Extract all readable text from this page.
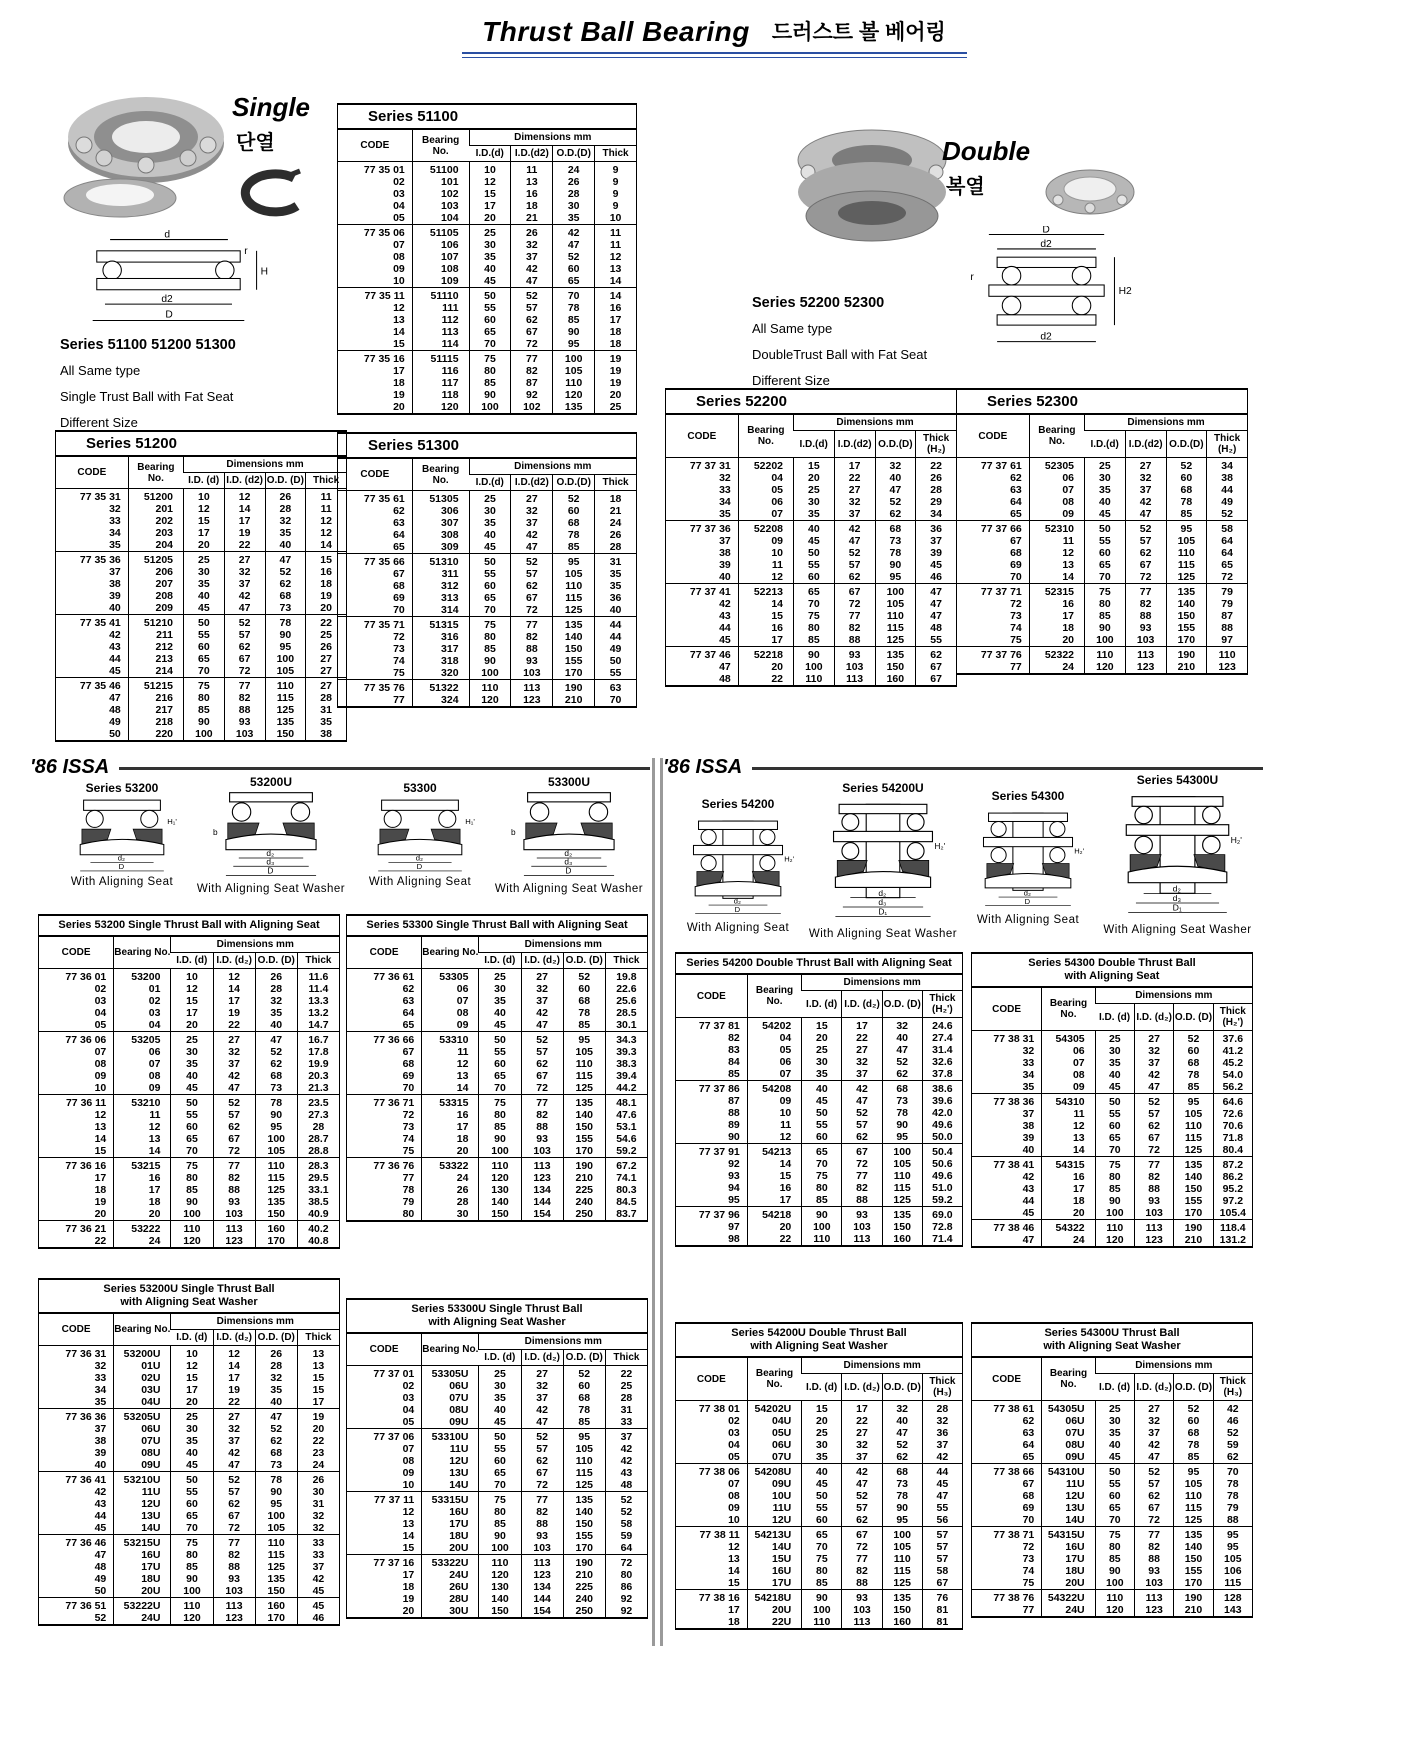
Thrust Ball Bearing 드러스트 볼 베어링
Single
단열
d
r
H
d2
D
Series 51100 51200 51300
All Same type
Single Trust Ball with Fat Seat
Different Size
Series 51100
CODE	Bearing No.	Dimensions mm			
		I.D.(d)	I.D.(d2)	O.D.(D)	Thick
77 35 01	51100	10	11	24	9
02	101	12	13	26	9
03	102	15	16	28	9
04	103	17	18	30	9
05	104	20	21	35	10
77 35 06	51105	25	26	42	11
07	106	30	32	47	11
08	107	35	37	52	12
09	108	40	42	60	13
10	109	45	47	65	14
77 35 11	51110	50	52	70	14
12	111	55	57	78	16
13	112	60	62	85	17
14	113	65	67	90	18
15	114	70	72	95	18
77 35 16	51115	75	77	100	19
17	116	80	82	105	19
18	117	85	87	110	19
19	118	90	92	120	20
20	120	100	102	135	25
Series 51200
CODE	Bearing No.	Dimensions mm			
		I.D. (d)	I.D. (d2)	O.D. (D)	Thick
77 35 31	51200	10	12	26	11
32	201	12	14	28	11
33	202	15	17	32	12
34	203	17	19	35	12
35	204	20	22	40	14
77 35 36	51205	25	27	47	15
37	206	30	32	52	16
38	207	35	37	62	18
39	208	40	42	68	19
40	209	45	47	73	20
77 35 41	51210	50	52	78	22
42	211	55	57	90	25
43	212	60	62	95	26
44	213	65	67	100	27
45	214	70	72	105	27
77 35 46	51215	75	77	110	27
47	216	80	82	115	28
48	217	85	88	125	31
49	218	90	93	135	35
50	220	100	103	150	38
Series 51300
CODE	Bearing No.	Dimensions mm			
		I.D.(d)	I.D.(d2)	O.D.(D)	Thick
77 35 61	51305	25	27	52	18
62	306	30	32	60	21
63	307	35	37	68	24
64	308	40	42	78	26
65	309	45	47	85	28
77 35 66	51310	50	52	95	31
67	311	55	57	105	35
68	312	60	62	110	35
69	313	65	67	115	36
70	314	70	72	125	40
77 35 71	51315	75	77	135	44
72	316	80	82	140	44
73	317	85	88	150	49
74	318	90	93	155	50
75	320	100	103	170	55
77 35 76	51322	110	113	190	63
77	324	120	123	210	70
Double
복열
D
d2
r
H2
d2
Series 52200 52300
All Same type
DoubleTrust Ball with Fat Seat
Different Size
Series 52200
CODE	Bearing No.	Dimensions mm			
		I.D.(d)	I.D.(d2)	O.D.(D)	Thick (H₂)
77 37 31	52202	15	17	32	22
32	04	20	22	40	26
33	05	25	27	47	28
34	06	30	32	52	29
35	07	35	37	62	34
77 37 36	52208	40	42	68	36
37	09	45	47	73	37
38	10	50	52	78	39
39	11	55	57	90	45
40	12	60	62	95	46
77 37 41	52213	65	67	100	47
42	14	70	72	105	47
43	15	75	77	110	47
44	16	80	82	115	48
45	17	85	88	125	55
77 37 46	52218	90	93	135	62
47	20	100	103	150	67
48	22	110	113	160	67
Series 52300
CODE	Bearing No.	Dimensions mm			
		I.D.(d)	I.D.(d2)	O.D.(D)	Thick (H₂)
77 37 61	52305	25	27	52	34
62	06	30	32	60	38
63	07	35	37	68	44
64	08	40	42	78	49
65	09	45	47	85	52
77 37 66	52310	50	52	95	58
67	11	55	57	105	64
68	12	60	62	110	64
69	13	65	67	115	65
70	14	70	72	125	72
77 37 71	52315	75	77	135	79
72	16	80	82	140	79
73	17	85	88	150	87
74	18	90	93	155	88
75	20	100	103	170	97
77 37 76	52322	110	113	190	110
77	24	120	123	210	123
'86 ISSA
Series 53200
H₁'
d₂
D
With Aligning Seat
53200U
b
d₂
d₃
D
With Aligning Seat Washer
53300
H₁'
d₂
D
With Aligning Seat
53300U
b
d₂
d₃
D
With Aligning Seat Washer
Series 53200 Single Thrust Ball with Aligning Seat
CODE	Bearing No.	Dimensions mm			
		I.D. (d)	I.D. (d₂)	O.D. (D)	Thick
77 36 01	53200	10	12	26	11.6
02	01	12	14	28	11.4
03	02	15	17	32	13.3
04	03	17	19	35	13.2
05	04	20	22	40	14.7
77 36 06	53205	25	27	47	16.7
07	06	30	32	52	17.8
08	07	35	37	62	19.9
09	08	40	42	68	20.3
10	09	45	47	73	21.3
77 36 11	53210	50	52	78	23.5
12	11	55	57	90	27.3
13	12	60	62	95	28
14	13	65	67	100	28.7
15	14	70	72	105	28.8
77 36 16	53215	75	77	110	28.3
17	16	80	82	115	29.5
18	17	85	88	125	33.1
19	18	90	93	135	38.5
20	20	100	103	150	40.9
77 36 21	53222	110	113	160	40.2
22	24	120	123	170	40.8
Series 53300 Single Thrust Ball with Aligning Seat
CODE	Bearing No.	Dimensions mm			
		I.D. (d)	I.D. (d₂)	O.D. (D)	Thick
77 36 61	53305	25	27	52	19.8
62	06	30	32	60	22.6
63	07	35	37	68	25.6
64	08	40	42	78	28.5
65	09	45	47	85	30.1
77 36 66	53310	50	52	95	34.3
67	11	55	57	105	39.3
68	12	60	62	110	38.3
69	13	65	67	115	39.4
70	14	70	72	125	44.2
77 36 71	53315	75	77	135	48.1
72	16	80	82	140	47.6
73	17	85	88	150	53.1
74	18	90	93	155	54.6
75	20	100	103	170	59.2
77 36 76	53322	110	113	190	67.2
77	24	120	123	210	74.1
78	26	130	134	225	80.3
79	28	140	144	240	84.5
80	30	150	154	250	83.7
Series 53200U Single Thrust Ball
with Aligning Seat Washer
CODE	Bearing No.	Dimensions mm			
		I.D. (d)	I.D. (d₂)	O.D. (D)	Thick
77 36 31	53200U	10	12	26	13
32	01U	12	14	28	13
33	02U	15	17	32	15
34	03U	17	19	35	15
35	04U	20	22	40	17
77 36 36	53205U	25	27	47	19
37	06U	30	32	52	20
38	07U	35	37	62	22
39	08U	40	42	68	23
40	09U	45	47	73	24
77 36 41	53210U	50	52	78	26
42	11U	55	57	90	30
43	12U	60	62	95	31
44	13U	65	67	100	32
45	14U	70	72	105	32
77 36 46	53215U	75	77	110	33
47	16U	80	82	115	33
48	17U	85	88	125	37
49	18U	90	93	135	42
50	20U	100	103	150	45
77 36 51	53222U	110	113	160	45
52	24U	120	123	170	46
Series 53300U Single Thrust Ball
with Aligning Seat Washer
CODE	Bearing No.	Dimensions mm			
		I.D. (d)	I.D. (d₂)	O.D. (D)	Thick
77 37 01	53305U	25	27	52	22
02	06U	30	32	60	25
03	07U	35	37	68	28
04	08U	40	42	78	31
05	09U	45	47	85	33
77 37 06	53310U	50	52	95	37
07	11U	55	57	105	42
08	12U	60	62	110	42
09	13U	65	67	115	43
10	14U	70	72	125	48
77 37 11	53315U	75	77	135	52
12	16U	80	82	140	52
13	17U	85	88	150	58
14	18U	90	93	155	59
15	20U	100	103	170	64
77 37 16	53322U	110	113	190	72
17	24U	120	123	210	80
18	26U	130	134	225	86
19	28U	140	144	240	92
20	30U	150	154	250	92
'86 ISSA
Series 54200
H₂'
d₂
D
With Aligning Seat
Series 54200U
H₂'
d₂
d₃
D₁
With Aligning Seat Washer
Series 54300
H₂'
d₂
D
With Aligning Seat
Series 54300U
H₂'
d₂
d₃
D₁
With Aligning Seat Washer
Series 54200 Double Thrust Ball with Aligning Seat
CODE	Bearing No.	Dimensions mm			
		I.D. (d)	I.D. (d₂)	O.D. (D)	Thick (H₂')
77 37 81	54202	15	17	32	24.6
82	04	20	22	40	27.4
83	05	25	27	47	31.4
84	06	30	32	52	32.6
85	07	35	37	62	37.8
77 37 86	54208	40	42	68	38.6
87	09	45	47	73	39.6
88	10	50	52	78	42.0
89	11	55	57	90	49.6
90	12	60	62	95	50.0
77 37 91	54213	65	67	100	50.4
92	14	70	72	105	50.6
93	15	75	77	110	49.6
94	16	80	82	115	51.0
95	17	85	88	125	59.2
77 37 96	54218	90	93	135	69.0
97	20	100	103	150	72.8
98	22	110	113	160	71.4
Series 54300 Double Thrust Ball
with Aligning Seat
CODE	Bearing No.	Dimensions mm			
		I.D. (d)	I.D. (d₂)	O.D. (D)	Thick (H₂')
77 38 31	54305	25	27	52	37.6
32	06	30	32	60	41.2
33	07	35	37	68	45.2
34	08	40	42	78	54.0
35	09	45	47	85	56.2
77 38 36	54310	50	52	95	64.6
37	11	55	57	105	72.6
38	12	60	62	110	70.6
39	13	65	67	115	71.8
40	14	70	72	125	80.4
77 38 41	54315	75	77	135	87.2
42	16	80	82	140	86.2
43	17	85	88	150	95.2
44	18	90	93	155	97.2
45	20	100	103	170	105.4
77 38 46	54322	110	113	190	118.4
47	24	120	123	210	131.2
Series 54200U Double Thrust Ball
with Aligning Seat Washer
CODE	Bearing No.	Dimensions mm			
		I.D. (d)	I.D. (d₂)	O.D. (D)	Thick (H₃)
77 38 01	54202U	15	17	32	28
02	04U	20	22	40	32
03	05U	25	27	47	36
04	06U	30	32	52	37
05	07U	35	37	62	42
77 38 06	54208U	40	42	68	44
07	09U	45	47	73	45
08	10U	50	52	78	47
09	11U	55	57	90	55
10	12U	60	62	95	56
77 38 11	54213U	65	67	100	57
12	14U	70	72	105	57
13	15U	75	77	110	57
14	16U	80	82	115	58
15	17U	85	88	125	67
77 38 16	54218U	90	93	135	76
17	20U	100	103	150	81
18	22U	110	113	160	81
Series 54300U Thrust Ball
with Aligning Seat Washer
CODE	Bearing No.	Dimensions mm			
		I.D. (d)	I.D. (d₂)	O.D. (D)	Thick (H₃)
77 38 61	54305U	25	27	52	42
62	06U	30	32	60	46
63	07U	35	37	68	52
64	08U	40	42	78	59
65	09U	45	47	85	62
77 38 66	54310U	50	52	95	70
67	11U	55	57	105	78
68	12U	60	62	110	78
69	13U	65	67	115	79
70	14U	70	72	125	88
77 38 71	54315U	75	77	135	95
72	16U	80	82	140	95
73	17U	85	88	150	105
74	18U	90	93	155	106
75	20U	100	103	170	115
77 38 76	54322U	110	113	190	128
77	24U	120	123	210	143
